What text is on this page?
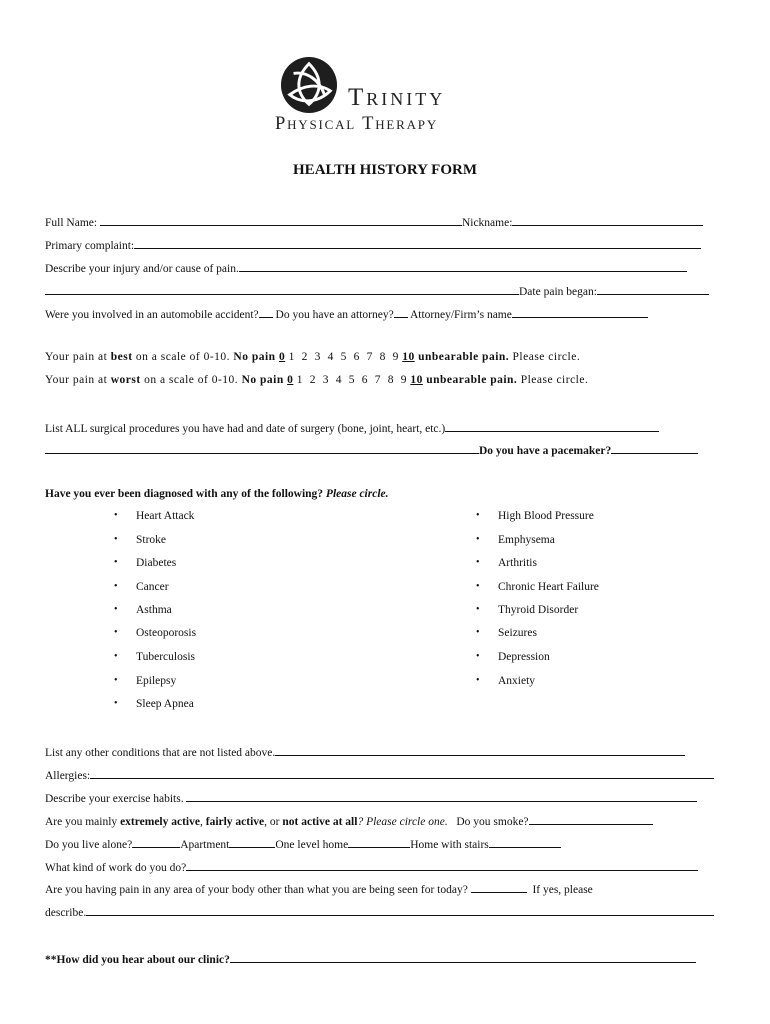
Trinity
Physical Therapy
HEALTH HISTORY FORM
Full Name:	Nickname:
Primary complaint:
Describe your injury and/or cause of pain.
Date pain began:
Were you involved in an automobile accident? Do you have an attorney? Attorney/Firm’s name
Your pain at best on a scale of 0-10. No pain 0 1  2  3  4  5  6  7  8  9 10 unbearable pain. Please circle.
Your pain at worst on a scale of 0-10. No pain 0 1  2  3  4  5  6  7  8  9 10 unbearable pain. Please circle.
List ALL surgical procedures you have had and date of surgery (bone, joint, heart, etc.)
Do you have a pacemaker?
Have you ever been diagnosed with any of the following? Please circle.
• Heart Attack
• Stroke
• Diabetes
• Cancer
• Asthma
• Osteoporosis
• Tuberculosis
• Epilepsy
• Sleep Apnea
• High Blood Pressure
• Emphysema
• Arthritis
• Chronic Heart Failure
• Thyroid Disorder
• Seizures
• Depression
• Anxiety
List any other conditions that are not listed above.
Allergies:
Describe your exercise habits.
Are you mainly extremely active, fairly active, or not active at all? Please circle one. Do you smoke?
Do you live alone?	Apartment	One level home	Home with stairs
What kind of work do you do?
Are you having pain in any area of your body other than what you are being seen for today?	If yes, please
describe.
**How did you hear about our clinic?
